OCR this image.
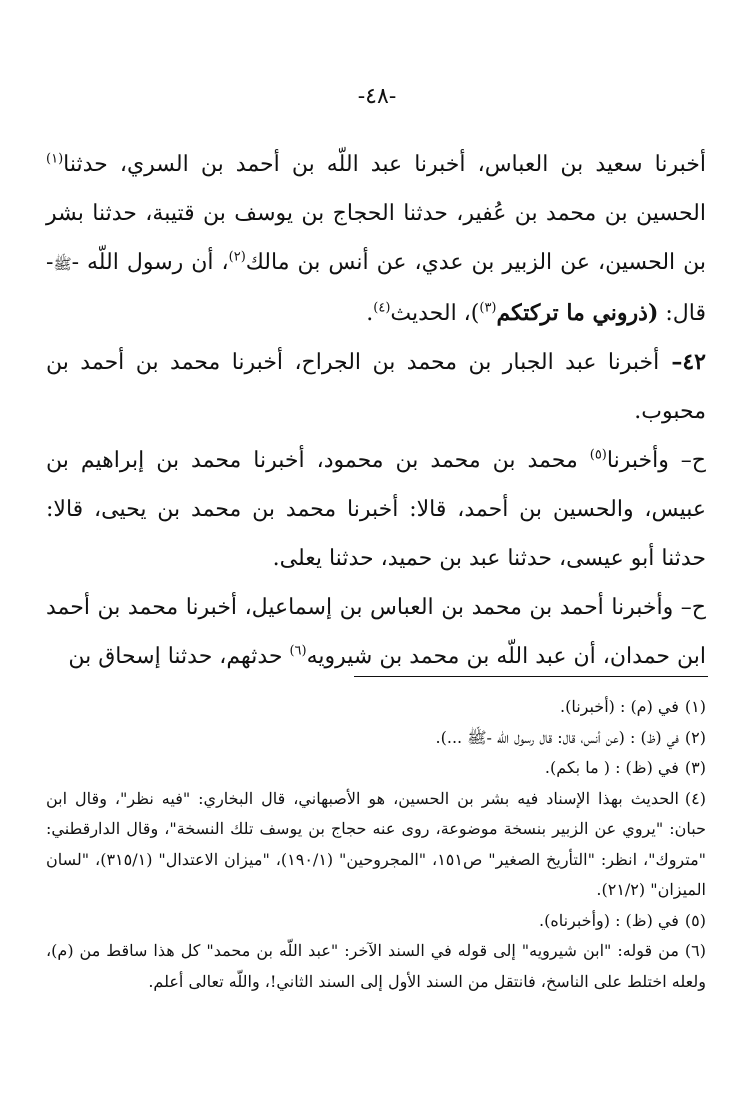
-٤٨-

أخبرنا سعيد بن العباس، أخبرنا عبد اللّه بن أحمد بن السري، حدثنا$^{(١)}$ الحسين بن محمد بن عُفير، حدثنا الحجاج بن يوسف بن قتيبة، حدثنا بشر بن الحسين، عن الزبير بن عدي، عن أنس بن مالك$^{(٢)}$، أن رسول اللّه -ﷺ- قال: (ذروني ما تركتكم$^{(٣)}$)، الحديث$^{(٤)}$.

٤٢– أخبرنا عبد الجبار بن محمد بن الجراح، أخبرنا محمد بن أحمد بن محبوب.

ح– وأخبرنا$^{(٥)}$ محمد بن محمد بن محمود، أخبرنا محمد بن إبراهيم بن عبيس، والحسين بن أحمد، قالا: أخبرنا محمد بن محمد بن يحيى، قالا: حدثنا أبو عيسى، حدثنا عبد بن حميد، حدثنا يعلى.

ح– وأخبرنا أحمد بن محمد بن العباس بن إسماعيل، أخبرنا محمد بن أحمد ابن حمدان، أن عبد اللّه بن محمد بن شيرويه$^{(٦)}$ حدثهم، حدثنا إسحاق بن

(١)في (م) : (أخبرنا).

(٢)في (ظ) : (عن أنس، قال: قال رسول اللّه -ﷺ ...).

(٣)في (ظ) : ( ما بكم).

(٤)الحديث بهذا الإسناد فيه بشر بن الحسين، هو الأصبهاني، قال البخاري: "فيه نظر"، وقال ابن حبان: "يروي عن الزبير بنسخة موضوعة، روى عنه حجاج بن يوسف تلك النسخة"، وقال الدارقطني: "متروك"، انظر: "التأريخ الصغير" ص١٥١، "المجروحين" (١٩٠/١)، "ميزان الاعتدال" (٣١٥/١)، "لسان الميزان" (٢١/٢).

(٥)في (ظ) : (وأخبرناه).

(٦)من قوله: "ابن شيرويه" إلى قوله في السند الآخر: "عبد اللّه بن محمد" كل هذا ساقط من (م)، ولعله اختلط على الناسخ، فانتقل من السند الأول إلى السند الثاني!، واللّه تعالى أعلم.
